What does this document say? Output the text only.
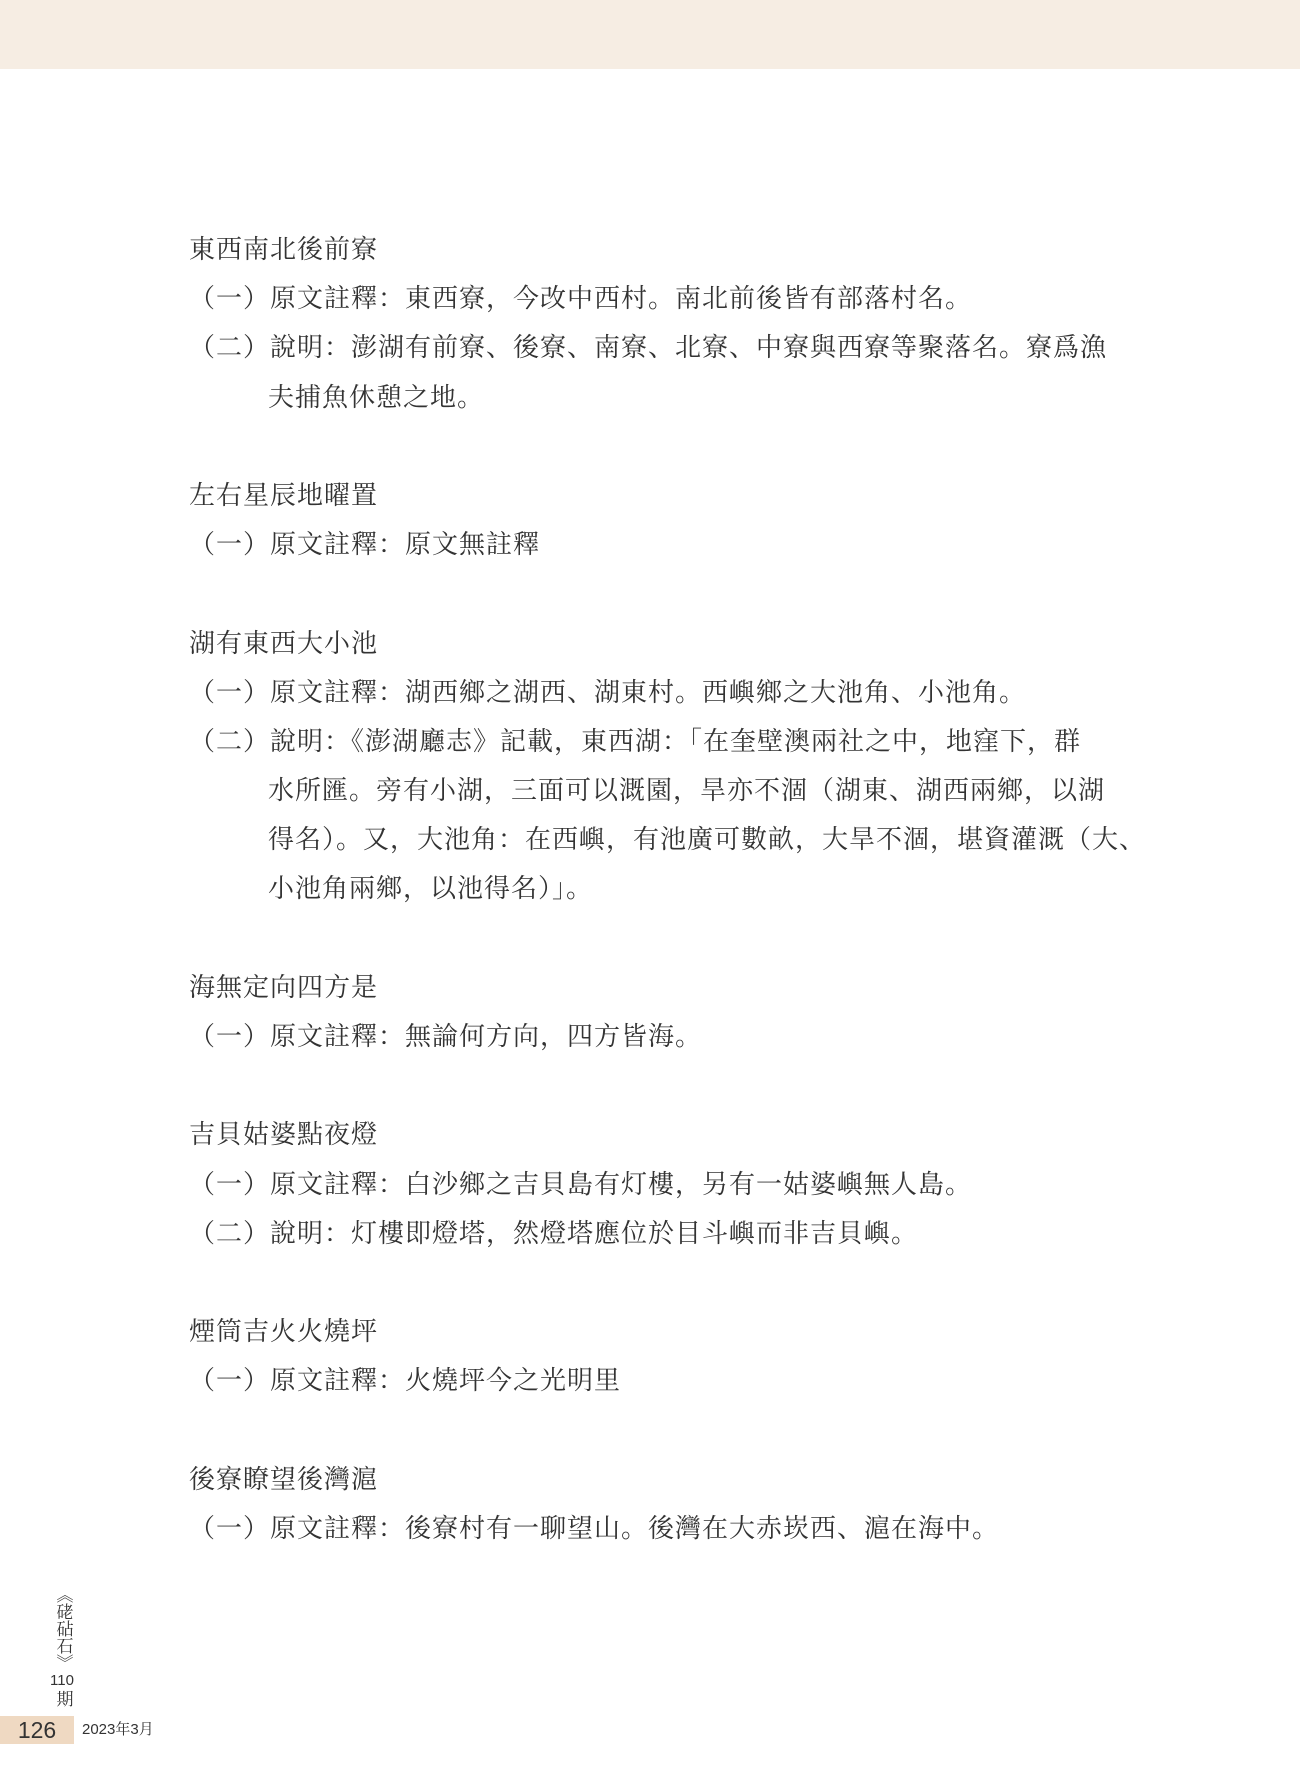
東西南北後前寮
（一）原文註釋：東西寮，今改中西村。南北前後皆有部落村名。
（二）說明：澎湖有前寮、後寮、南寮、北寮、中寮與西寮等聚落名。寮爲漁
夫捕魚休憩之地。
左右星辰地曜置
（一）原文註釋：原文無註釋
湖有東西大小池
（一）原文註釋：湖西鄉之湖西、湖東村。西嶼鄉之大池角、小池角。
（二）說明：《澎湖廳志》記載，東西湖：「在奎壁澳兩社之中，地窪下，群
水所匯。旁有小湖，三面可以溉園，旱亦不涸（湖東、湖西兩鄉，以湖
得名）。又，大池角：在西嶼，有池廣可數畝，大旱不涸，堪資灌溉（大、
小池角兩鄉，以池得名）」。
海無定向四方是
（一）原文註釋：無論何方向，四方皆海。
吉貝姑婆點夜燈
（一）原文註釋：白沙鄉之吉貝島有灯樓，另有一姑婆嶼無人島。
（二）說明：灯樓即燈塔，然燈塔應位於目斗嶼而非吉貝嶼。
煙筒吉火火燒坪
（一）原文註釋：火燒坪今之光明里
後寮瞭望後灣滬
（一）原文註釋：後寮村有一聊望山。後灣在大赤崁西、滬在海中。
《硓砧石》
110
期
126	2023年3月
